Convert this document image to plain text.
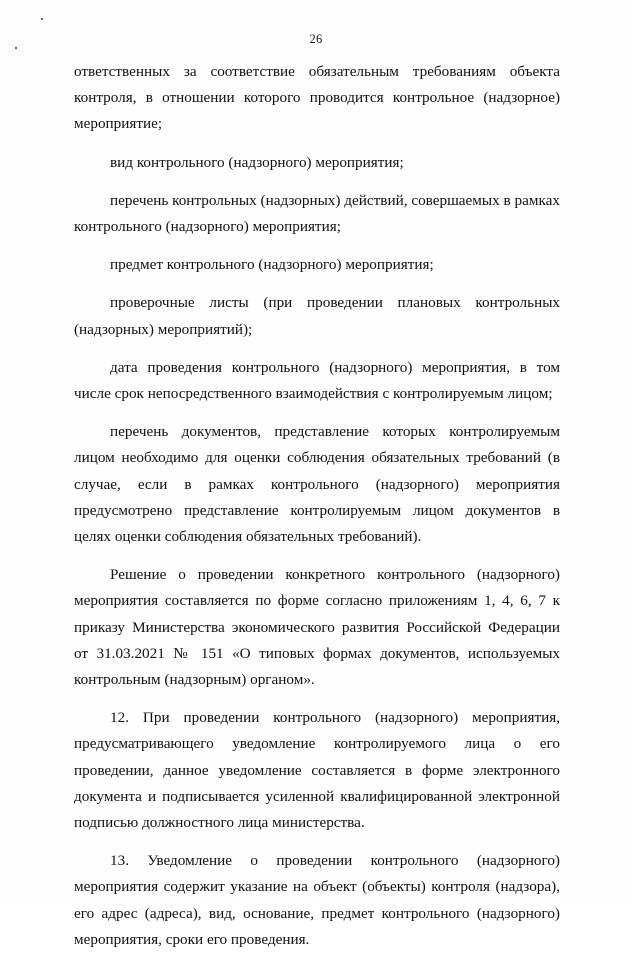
26

ответственных за соответствие обязательным требованиям объекта контроля, в отношении которого проводится контрольное (надзорное) мероприятие;

вид контрольного (надзорного) мероприятия;

перечень контрольных (надзорных) действий, совершаемых в рамках контрольного (надзорного) мероприятия;

предмет контрольного (надзорного) мероприятия;

проверочные листы (при проведении плановых контрольных (надзорных) мероприятий);

дата проведения контрольного (надзорного) мероприятия, в том числе срок непосредственного взаимодействия с контролируемым лицом;

перечень документов, представление которых контролируемым лицом необходимо для оценки соблюдения обязательных требований (в случае, если в рамках контрольного (надзорного) мероприятия предусмотрено представление контролируемым лицом документов в целях оценки соблюдения обязательных требований).

Решение о проведении конкретного контрольного (надзорного) мероприятия составляется по форме согласно приложениям 1, 4, 6, 7 к приказу Министерства экономического развития Российской Федерации от 31.03.2021 № 151 «О типовых формах документов, используемых контрольным (надзорным) органом».

12. При проведении контрольного (надзорного) мероприятия, предусматривающего уведомление контролируемого лица о его проведении, данное уведомление составляется в форме электронного документа и подписывается усиленной квалифицированной электронной подписью должностного лица министерства.

13. Уведомление о проведении контрольного (надзорного) мероприятия содержит указание на объект (объекты) контроля (надзора), его адрес (адреса), вид, основание, предмет контрольного (надзорного) мероприятия, сроки его проведения.
